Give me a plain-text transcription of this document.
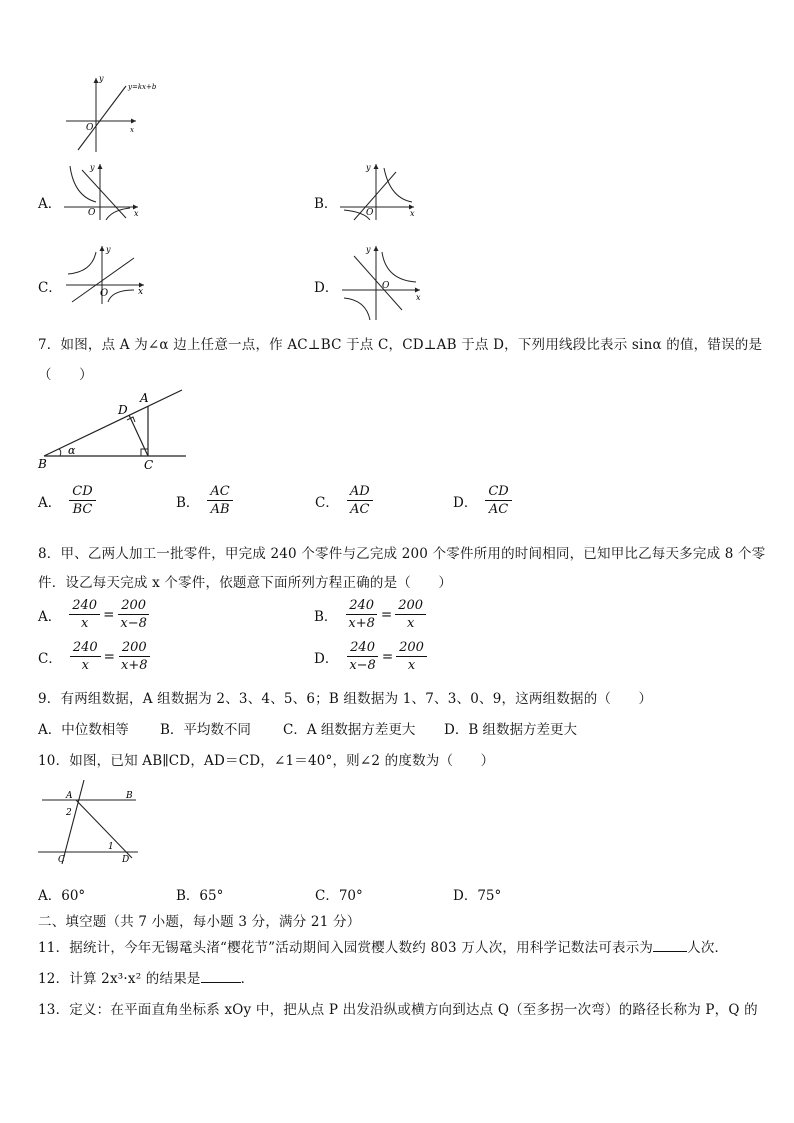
y=kx+b
y
x
O
A．
y
x
O
B．
y
x
O
C．
y
x
O	D．
y
x
O
7．如图，点 A 为∠α 边上任意一点，作 AC⊥BC 于点 C，CD⊥AB 于点 D，下列用线段比表示 sinα 的值，错误的是
（　　）
B	C
D
A
α
A． $\frac{CD}{BC}$	B． $\frac{AC}{AB}$	C． $\frac{AD}{AC}$	D． $\frac{CD}{AC}$
8．甲、乙两人加工一批零件，甲完成 240 个零件与乙完成 200 个零件所用的时间相同，已知甲比乙每天多完成 8 个零
件．设乙每天完成 x 个零件，依题意下面所列方程正确的是（　　）
A． $\frac{240}{x} = \frac{200}{x-8}$	B． $\frac{240}{x+8} = \frac{200}{x}$
C． $\frac{240}{x} = \frac{200}{x+8}$	D． $\frac{240}{x-8} = \frac{200}{x}$
9．有两组数据，A 组数据为 2、3、4、5、6；B 组数据为 1、7、3、0、9，这两组数据的（　　）
A．中位数相等 B．平均数不同 C．A 组数据方差更大 D．B 组数据方差更大
10．如图，已知 AB∥CD，AD＝CD，∠1＝40°，则∠2 的度数为（　　）
A	B
2
1
C	D
A．60°	B．65°	C．70°	D．75°
二、填空题（共 7 小题，每小题 3 分，满分 21 分）
11．据统计，今年无锡鼋头渚“樱花节”活动期间入园赏樱人数约 803 万人次，用科学记数法可表示为	人次．
12．计算 2x³·x² 的结果是	．
13．定义：在平面直角坐标系 xOy 中，把从点 P 出发沿纵或横方向到达点 Q（至多拐一次弯）的路径长称为 P，Q 的
